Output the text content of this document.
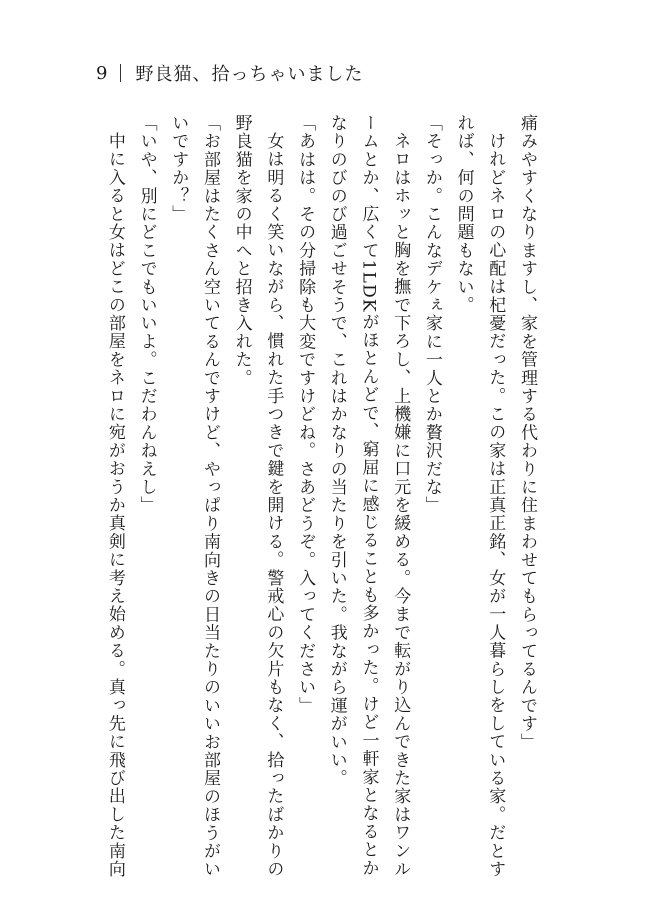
9 野良猫、拾っちゃいました
痛みやすくなりますし、家を管理する代わりに住まわせてもらってるんです」
けれどネロの心配は杞憂だった。この家は正真正銘、女が一人暮らしをしている家。だとす
れば、何の問題もない。
「そっか。こんなデケぇ家に一人とか贅沢だな」
ネロはホッと胸を撫で下ろし、上機嫌に口元を緩める。今まで転がり込んできた家はワンル
ームとか、広くて1LDKがほとんどで、窮屈に感じることも多かった。けど一軒家となるとか
なりのびのび過ごせそうで、これはかなりの当たりを引いた。我ながら運がいい。
「あはは。その分掃除も大変ですけどね。さあどうぞ。入ってください」
女は明るく笑いながら、慣れた手つきで鍵を開ける。警戒心の欠片もなく、拾ったばかりの
野良猫を家の中へと招き入れた。
「お部屋はたくさん空いてるんですけど、やっぱり南向きの日当たりのいいお部屋のほうがい
いですか？」
「いや、別にどこでもいいよ。こだわんねえし」
中に入ると女はどこの部屋をネロに宛がおうか真剣に考え始める。真っ先に飛び出した南向
